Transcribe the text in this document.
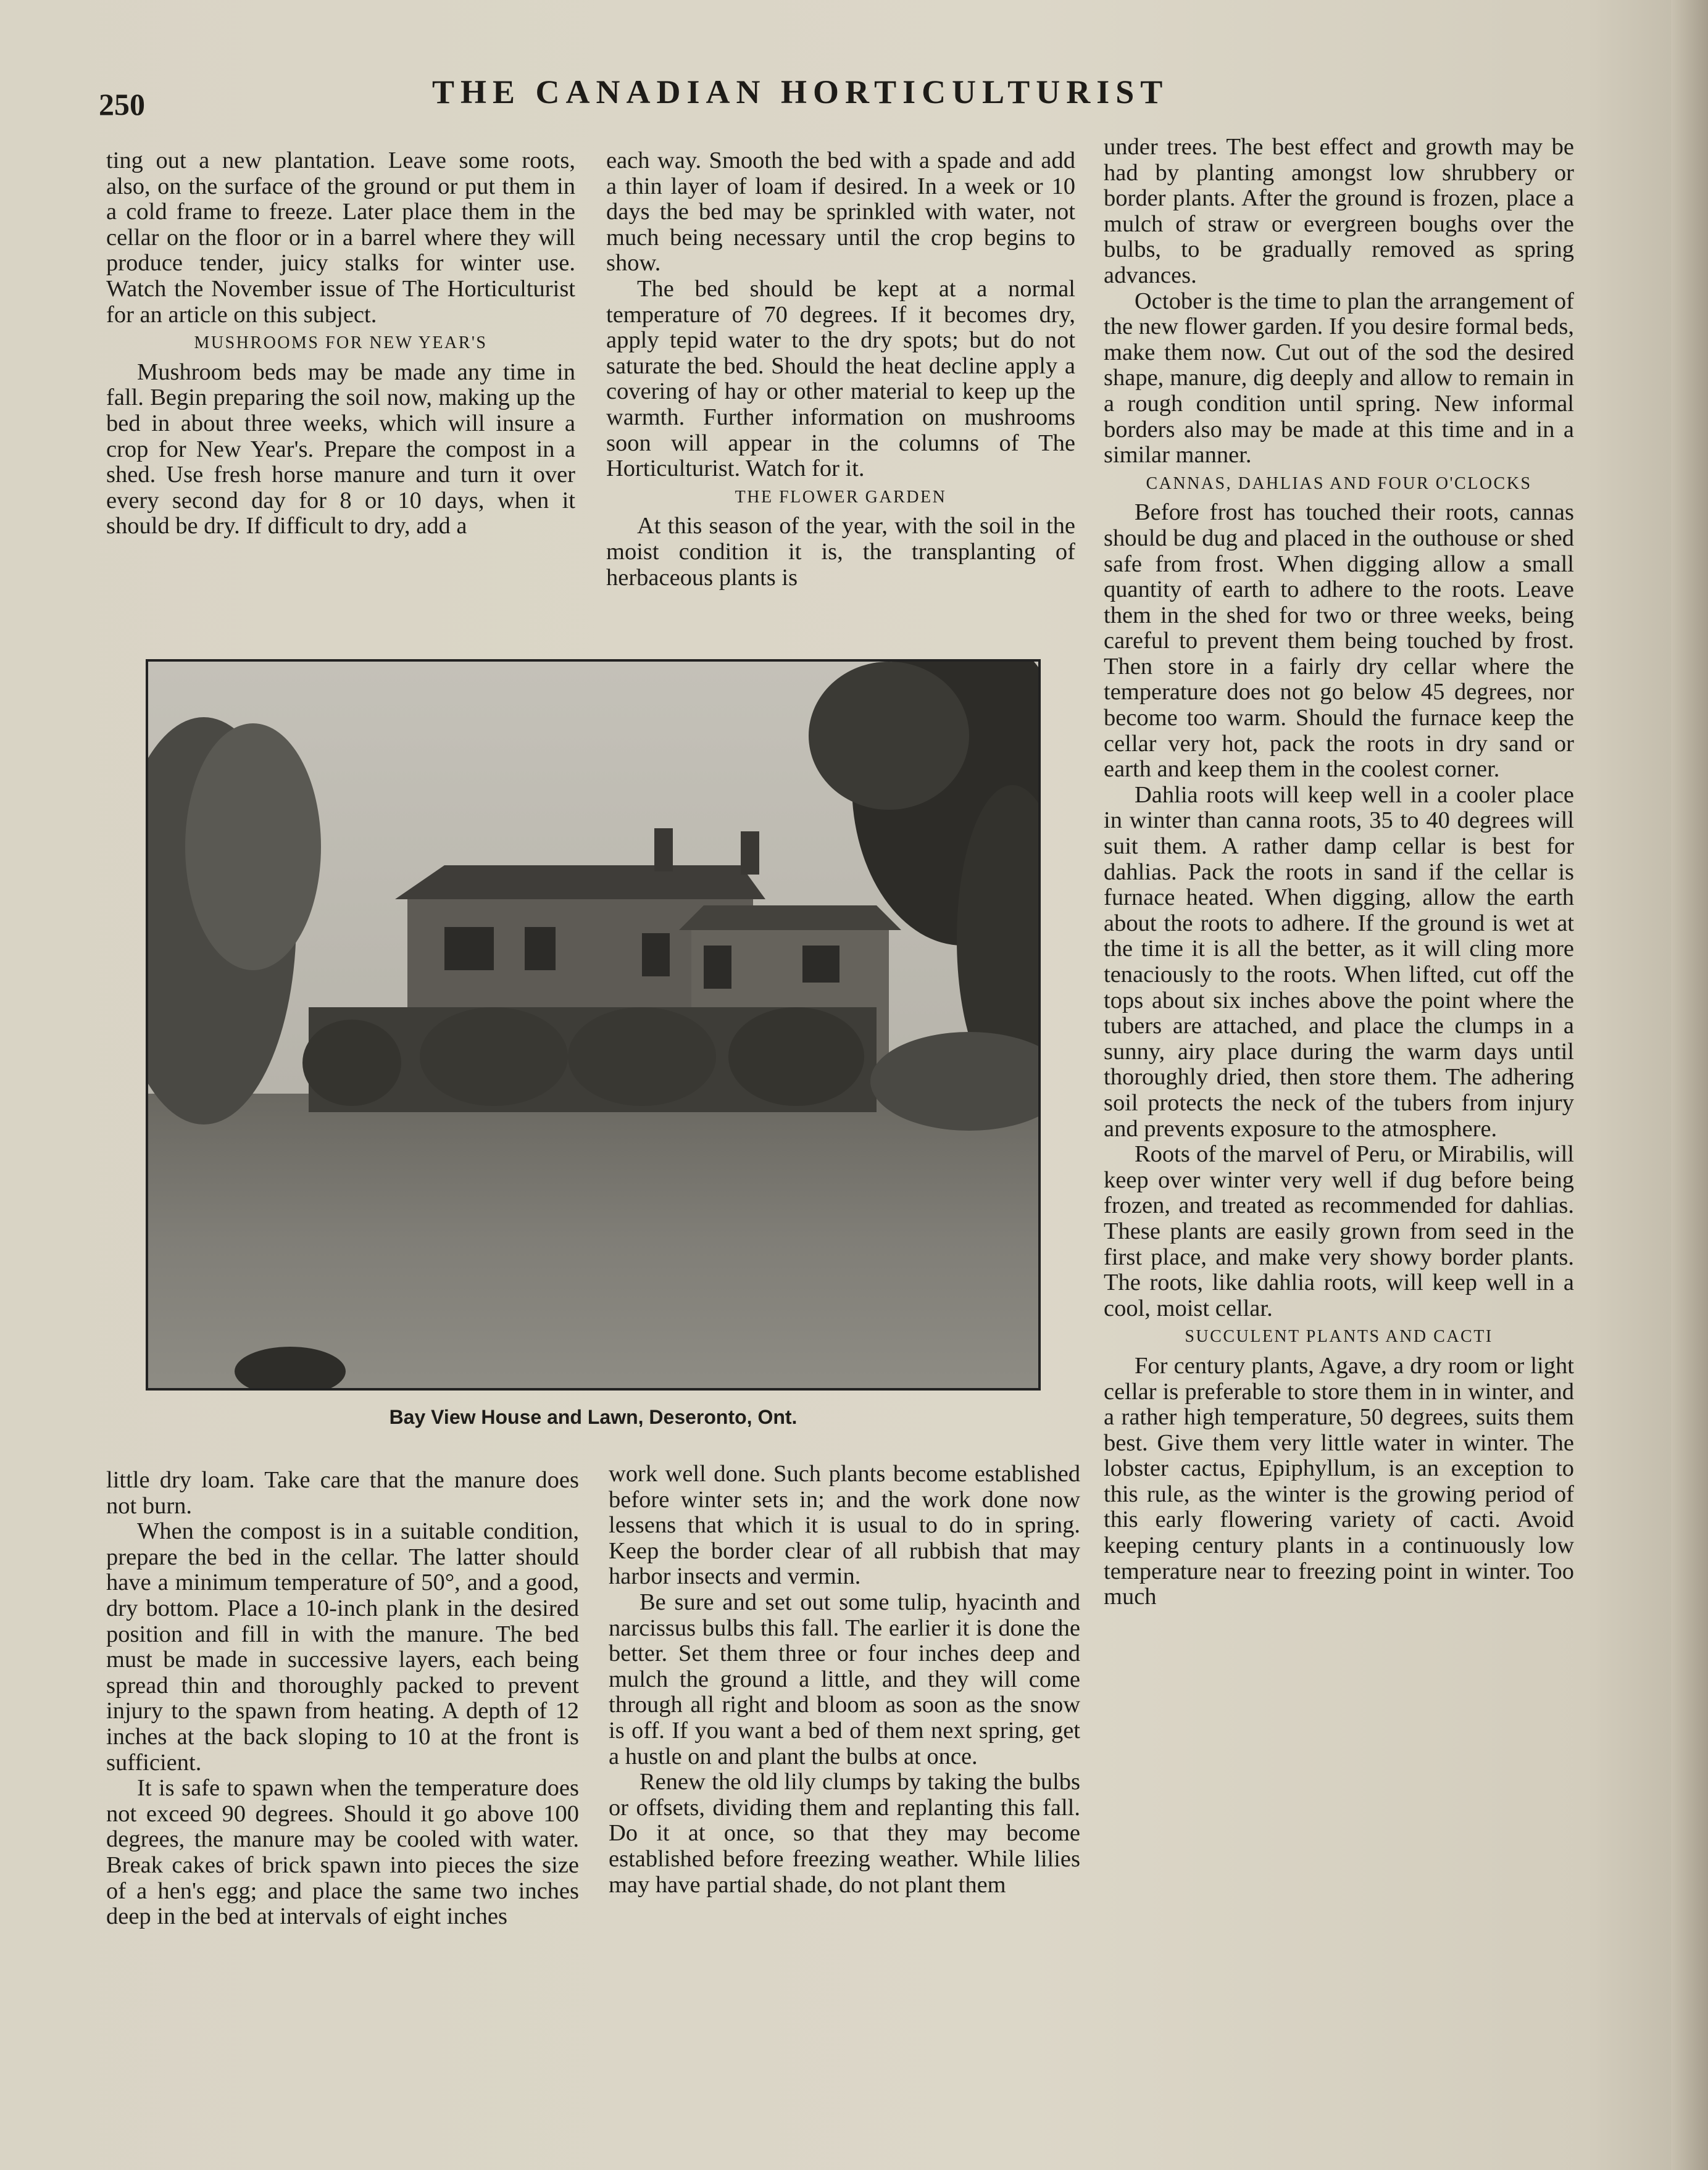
250	THE CANADIAN HORTICULTURIST

ting out a new plantation. Leave some roots, also, on the surface of the ground or put them in a cold frame to freeze. Later place them in the cellar on the floor or in a barrel where they will produce tender, juicy stalks for winter use. Watch the November issue of The Horticulturist for an article on this subject.

MUSHROOMS FOR NEW YEAR'S

Mushroom beds may be made any time in fall. Begin preparing the soil now, making up the bed in about three weeks, which will insure a crop for New Year's. Prepare the compost in a shed. Use fresh horse manure and turn it over every second day for 8 or 10 days, when it should be dry. If difficult to dry, add a

each way. Smooth the bed with a spade and add a thin layer of loam if desired. In a week or 10 days the bed may be sprinkled with water, not much being necessary until the crop begins to show.

The bed should be kept at a normal temperature of 70 degrees. If it becomes dry, apply tepid water to the dry spots; but do not saturate the bed. Should the heat decline apply a covering of hay or other material to keep up the warmth. Further information on mushrooms soon will appear in the columns of The Horticulturist. Watch for it.

THE FLOWER GARDEN

At this season of the year, with the soil in the moist condition it is, the transplanting of herbaceous plants is

under trees. The best effect and growth may be had by planting amongst low shrubbery or border plants. After the ground is frozen, place a mulch of straw or evergreen boughs over the bulbs, to be gradually removed as spring advances.

October is the time to plan the arrangement of the new flower garden. If you desire formal beds, make them now. Cut out of the sod the desired shape, manure, dig deeply and allow to remain in a rough condition until spring. New informal borders also may be made at this time and in a similar manner.

CANNAS, DAHLIAS AND FOUR O'CLOCKS

Before frost has touched their roots, cannas should be dug and placed in the outhouse or shed safe from frost. When digging allow a small quantity of earth to adhere to the roots. Leave them in the shed for two or three weeks, being careful to prevent them being touched by frost. Then store in a fairly dry cellar where the temperature does not go below 45 degrees, nor become too warm. Should the furnace keep the cellar very hot, pack the roots in dry sand or earth and keep them in the coolest corner.

Dahlia roots will keep well in a cooler place in winter than canna roots, 35 to 40 degrees will suit them. A rather damp cellar is best for dahlias. Pack the roots in sand if the cellar is furnace heated. When digging, allow the earth about the roots to adhere. If the ground is wet at the time it is all the better, as it will cling more tenaciously to the roots. When lifted, cut off the tops about six inches above the point where the tubers are attached, and place the clumps in a sunny, airy place during the warm days until thoroughly dried, then store them. The adhering soil protects the neck of the tubers from injury and prevents exposure to the atmosphere.

Roots of the marvel of Peru, or Mirabilis, will keep over winter very well if dug before being frozen, and treated as recommended for dahlias. These plants are easily grown from seed in the first place, and make very showy border plants. The roots, like dahlia roots, will keep well in a cool, moist cellar.

SUCCULENT PLANTS AND CACTI

For century plants, Agave, a dry room or light cellar is preferable to store them in in winter, and a rather high temperature, 50 degrees, suits them best. Give them very little water in winter. The lobster cactus, Epiphyllum, is an exception to this rule, as the winter is the growing period of this early flowering variety of cacti. Avoid keeping century plants in a continuously low temperature near to freezing point in winter. Too much

Bay View House and Lawn, Deseronto, Ont.

little dry loam. Take care that the manure does not burn.

When the compost is in a suitable condition, prepare the bed in the cellar. The latter should have a minimum temperature of 50°, and a good, dry bottom. Place a 10-inch plank in the desired position and fill in with the manure. The bed must be made in successive layers, each being spread thin and thoroughly packed to prevent injury to the spawn from heating. A depth of 12 inches at the back sloping to 10 at the front is sufficient.

It is safe to spawn when the temperature does not exceed 90 degrees. Should it go above 100 degrees, the manure may be cooled with water. Break cakes of brick spawn into pieces the size of a hen's egg; and place the same two inches deep in the bed at intervals of eight inches

work well done. Such plants become established before winter sets in; and the work done now lessens that which it is usual to do in spring. Keep the border clear of all rubbish that may harbor insects and vermin.

Be sure and set out some tulip, hyacinth and narcissus bulbs this fall. The earlier it is done the better. Set them three or four inches deep and mulch the ground a little, and they will come through all right and bloom as soon as the snow is off. If you want a bed of them next spring, get a hustle on and plant the bulbs at once.

Renew the old lily clumps by taking the bulbs or offsets, dividing them and replanting this fall. Do it at once, so that they may become established before freezing weather. While lilies may have partial shade, do not plant them
